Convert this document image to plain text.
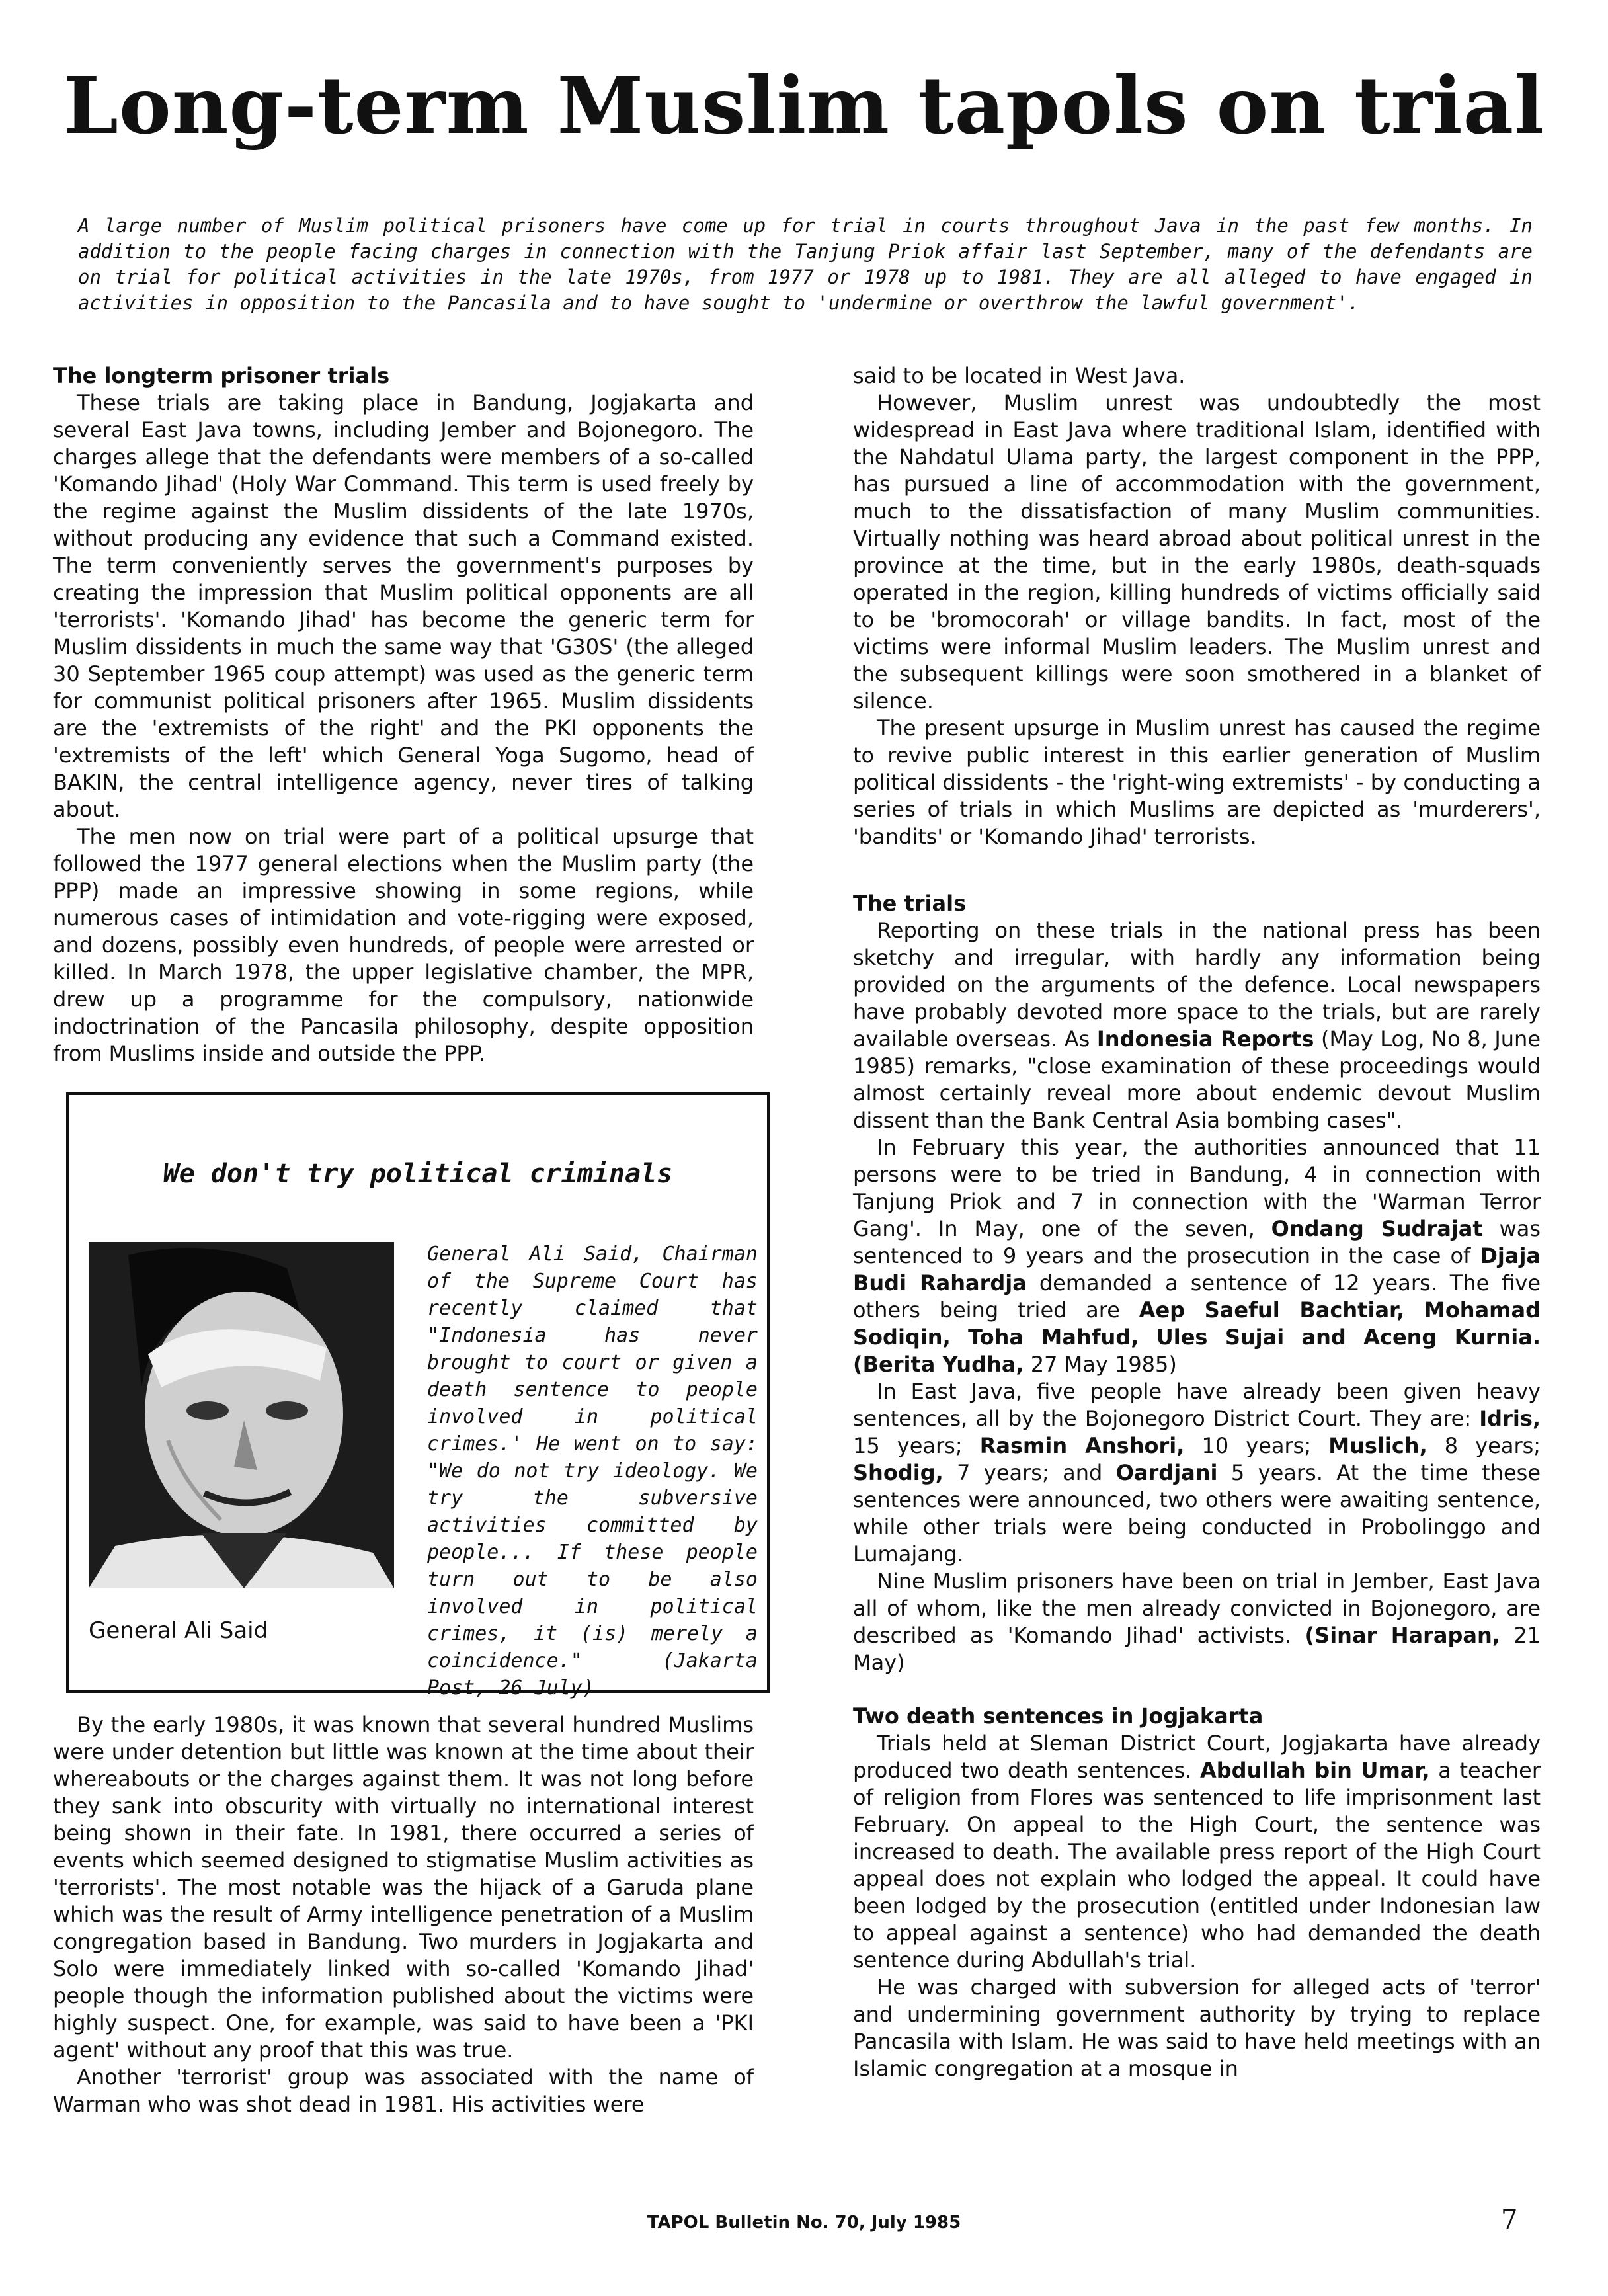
Long-term Muslim tapols on trial

A large number of Muslim political prisoners have come up for trial in courts throughout Java in the past few months. In addition to the people facing charges in connection with the Tanjung Priok affair last September, many of the defendants are on trial for political activities in the late 1970s, from 1977 or 1978 up to 1981. They are all alleged to have engaged in activities in opposition to the Pancasila and to have sought to 'undermine or overthrow the lawful government'.

The longterm prisoner trials

These trials are taking place in Bandung, Jogjakarta and several East Java towns, including Jember and Bojonegoro. The charges allege that the defendants were members of a so-called 'Komando Jihad' (Holy War Command. This term is used freely by the regime against the Muslim dissidents of the late 1970s, without producing any evidence that such a Command existed. The term conveniently serves the government's purposes by creating the impression that Muslim political opponents are all 'terrorists'. 'Komando Jihad' has become the generic term for Muslim dissidents in much the same way that 'G30S' (the alleged 30 September 1965 coup attempt) was used as the generic term for communist political prisoners after 1965. Muslim dissidents are the 'extremists of the right' and the PKI opponents the 'extremists of the left' which General Yoga Sugomo, head of BAKIN, the central intelligence agency, never tires of talking about.

The men now on trial were part of a political upsurge that followed the 1977 general elections when the Muslim party (the PPP) made an impressive showing in some regions, while numerous cases of intimidation and vote-rigging were exposed, and dozens, possibly even hundreds, of people were arrested or killed. In March 1978, the upper legislative chamber, the MPR, drew up a programme for the compulsory, nationwide indoctrination of the Pancasila philosophy, despite opposition from Muslims inside and outside the PPP.

We don't try political criminals

General Ali Said

General Ali Said, Chairman of the Supreme Court has recently claimed that "Indonesia has never brought to court or given a death sentence to people involved in political crimes.' He went on to say: "We do not try ideology. We try the subversive activities committed by people... If these people turn out to be also involved in political crimes, it (is) merely a coincidence." (Jakarta Post, 26 July)

By the early 1980s, it was known that several hundred Muslims were under detention but little was known at the time about their whereabouts or the charges against them. It was not long before they sank into obscurity with virtually no international interest being shown in their fate. In 1981, there occurred a series of events which seemed designed to stigmatise Muslim activities as 'terrorists'. The most notable was the hijack of a Garuda plane which was the result of Army intelligence penetration of a Muslim congregation based in Bandung. Two murders in Jogjakarta and Solo were immediately linked with so-called 'Komando Jihad' people though the information published about the victims were highly suspect. One, for example, was said to have been a 'PKI agent' without any proof that this was true.

Another 'terrorist' group was associated with the name of Warman who was shot dead in 1981. His activities were

said to be located in West Java.

However, Muslim unrest was undoubtedly the most widespread in East Java where traditional Islam, identified with the Nahdatul Ulama party, the largest component in the PPP, has pursued a line of accommodation with the government, much to the dissatisfaction of many Muslim communities. Virtually nothing was heard abroad about political unrest in the province at the time, but in the early 1980s, death-squads operated in the region, killing hundreds of victims officially said to be 'bromocorah' or village bandits. In fact, most of the victims were informal Muslim leaders. The Muslim unrest and the subsequent killings were soon smothered in a blanket of silence.

The present upsurge in Muslim unrest has caused the regime to revive public interest in this earlier generation of Muslim political dissidents - the 'right-wing extremists' - by conducting a series of trials in which Muslims are depicted as 'murderers', 'bandits' or 'Komando Jihad' terrorists.

The trials

Reporting on these trials in the national press has been sketchy and irregular, with hardly any information being provided on the arguments of the defence. Local newspapers have probably devoted more space to the trials, but are rarely available overseas. As Indonesia Reports (May Log, No 8, June 1985) remarks, "close examination of these proceedings would almost certainly reveal more about endemic devout Muslim dissent than the Bank Central Asia bombing cases".

In February this year, the authorities announced that 11 persons were to be tried in Bandung, 4 in connection with Tanjung Priok and 7 in connection with the 'Warman Terror Gang'. In May, one of the seven, Ondang Sudrajat was sentenced to 9 years and the prosecution in the case of Djaja Budi Rahardja demanded a sentence of 12 years. The five others being tried are Aep Saeful Bachtiar, Mohamad Sodiqin, Toha Mahfud, Ules Sujai and Aceng Kurnia. (Berita Yudha, 27 May 1985)

In East Java, five people have already been given heavy sentences, all by the Bojonegoro District Court. They are: Idris, 15 years; Rasmin Anshori, 10 years; Muslich, 8 years; Shodig, 7 years; and Oardjani 5 years. At the time these sentences were announced, two others were awaiting sentence, while other trials were being conducted in Probolinggo and Lumajang.

Nine Muslim prisoners have been on trial in Jember, East Java all of whom, like the men already convicted in Bojonegoro, are described as 'Komando Jihad' activists. (Sinar Harapan, 21 May)

Two death sentences in Jogjakarta

Trials held at Sleman District Court, Jogjakarta have already produced two death sentences. Abdullah bin Umar, a teacher of religion from Flores was sentenced to life imprisonment last February. On appeal to the High Court, the sentence was increased to death. The available press report of the High Court appeal does not explain who lodged the appeal. It could have been lodged by the prosecution (entitled under Indonesian law to appeal against a sentence) who had demanded the death sentence during Abdullah's trial.

He was charged with subversion for alleged acts of 'terror' and undermining government authority by trying to replace Pancasila with Islam. He was said to have held meetings with an Islamic congregation at a mosque in

TAPOL Bulletin No. 70, July 1985	7
